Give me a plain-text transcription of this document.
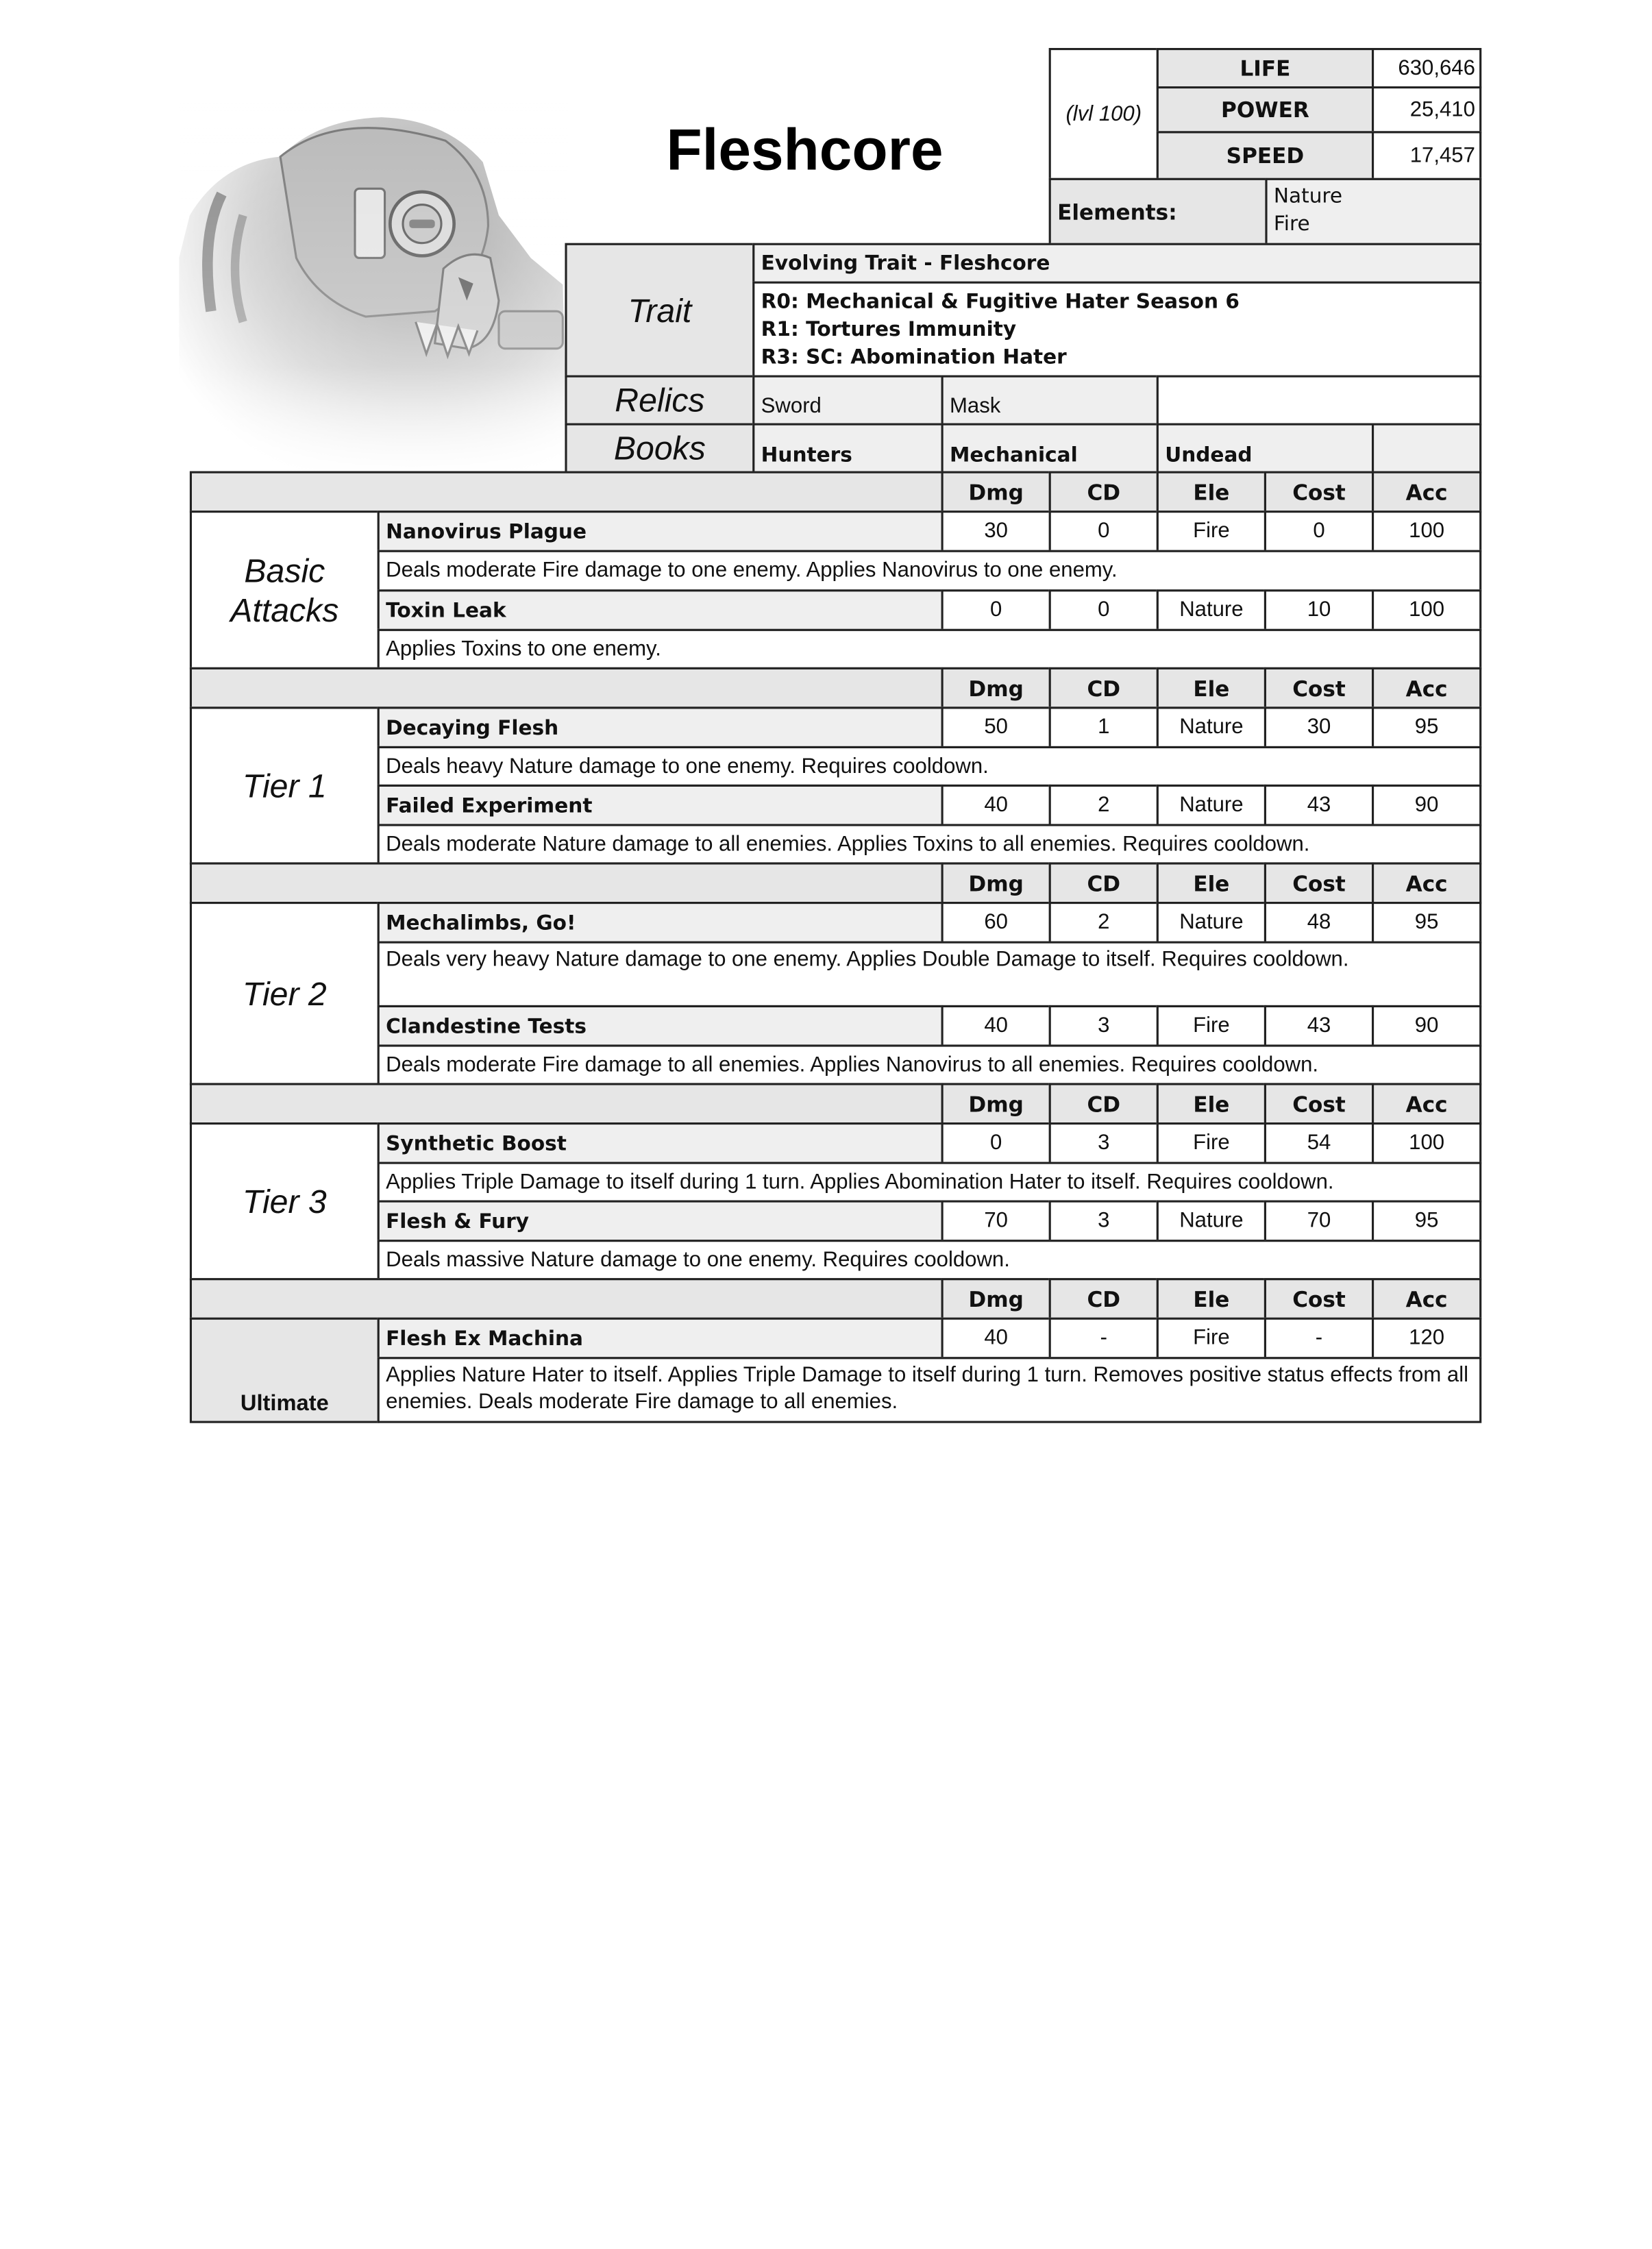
Fleshcore
(lvl 100)
LIFE	630,646
POWER	25,410
SPEED	17,457
Elements:
Nature
Fire
Trait
Evolving Trait - Fleshcore
R0: Mechanical & Fugitive Hater Season 6
R1: Tortures Immunity
R3: SC: Abomination Hater
Relics	Sword	Mask
Books	Hunters	Mechanical	Undead
Dmg	CD	Ele	Cost	Acc
Basic Attacks
Nanovirus Plague	30	0	Fire	0	100
Deals moderate Fire damage to one enemy. Applies Nanovirus to one enemy.
Toxin Leak	0	0	Nature	10	100
Applies Toxins to one enemy.
Dmg	CD	Ele	Cost	Acc
Tier 1
Decaying Flesh	50	1	Nature	30	95
Deals heavy Nature damage to one enemy. Requires cooldown.
Failed Experiment	40	2	Nature	43	90
Deals moderate Nature damage to all enemies. Applies Toxins to all enemies. Requires cooldown.
Dmg	CD	Ele	Cost	Acc
Tier 2
Mechalimbs, Go!	60	2	Nature	48	95
Deals very heavy Nature damage to one enemy. Applies Double Damage to itself. Requires cooldown.
Clandestine Tests	40	3	Fire	43	90
Deals moderate Fire damage to all enemies. Applies Nanovirus to all enemies. Requires cooldown.
Dmg	CD	Ele	Cost	Acc
Tier 3
Synthetic Boost	0	3	Fire	54	100
Applies Triple Damage to itself during 1 turn. Applies Abomination Hater to itself. Requires cooldown.
Flesh & Fury	70	3	Nature	70	95
Deals massive Nature damage to one enemy. Requires cooldown.
Dmg	CD	Ele	Cost	Acc
Ultimate
Flesh Ex Machina	40	-	Fire	-	120
Applies Nature Hater to itself. Applies Triple Damage to itself during 1 turn. Removes positive status effects from all enemies. Deals moderate Fire damage to all enemies.
